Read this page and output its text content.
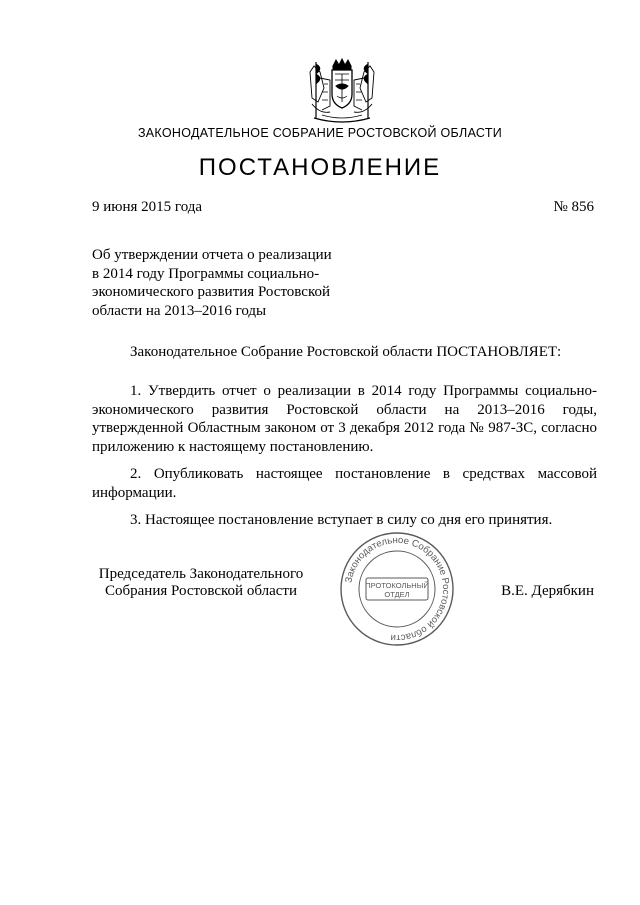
ЗАКОНОДАТЕЛЬНОЕ СОБРАНИЕ РОСТОВСКОЙ ОБЛАСТИ
ПОСТАНОВЛЕНИЕ
9 июня 2015 года	№ 856
Об утверждении отчета о реализации
в 2014 году Программы социально-
экономического развития Ростовской
области на 2013–2016 годы
Законодательное Собрание Ростовской области ПОСТАНОВЛЯЕТ:

1. Утвердить отчет о реализации в 2014 году Программы социально-экономического развития Ростовской области на 2013–2016 годы, утвержденной Областным законом от 3 декабря 2012 года № 987-ЗС, согласно приложению к настоящему постановлению.

2. Опубликовать настоящее постановление в средствах массовой информации.

3. Настоящее постановление вступает в силу со дня его принятия.

Председатель Законодательного
Собрания Ростовской области
Законодательное Собрание Ростовской области
ПРОТОКОЛЬНЫЙ
ОТДЕЛ	В.Е. Дерябкин
